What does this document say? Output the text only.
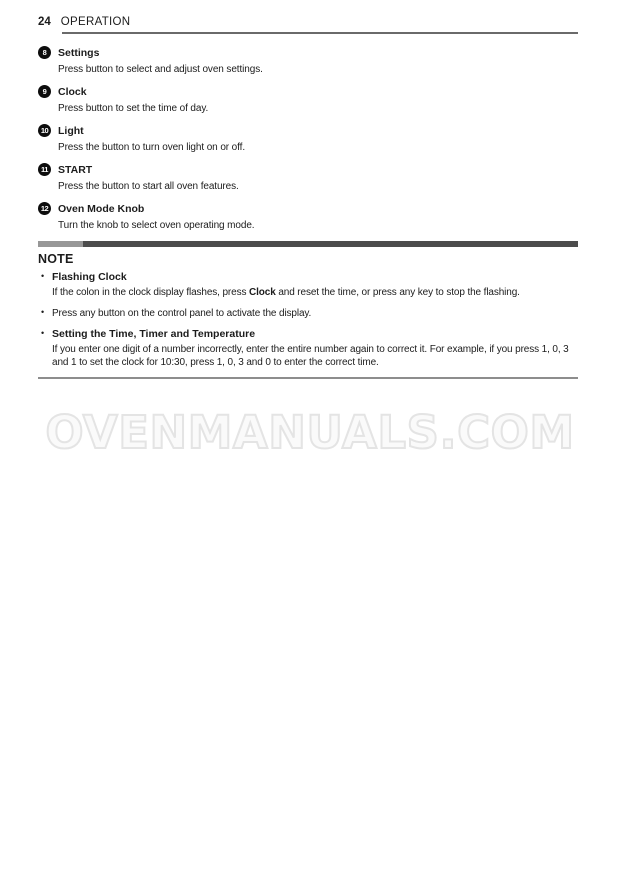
24 OPERATION
8	Settings
Press button to select and adjust oven settings.
9	Clock
Press button to set the time of day.
10 Light
Press the button to turn oven light on or off.
11 START
Press the button to start all oven features.
12 Oven Mode Knob
Turn the knob to select oven operating mode.
NOTE
• Flashing Clock
If the colon in the clock display flashes, press Clock and reset the time, or press any key to stop the flashing.
• Press any button on the control panel to activate the display.
• Setting the Time, Timer and Temperature
If you enter one digit of a number incorrectly, enter the entire number again to correct it. For example, if you press 1, 0, 3 and 1 to set the clock for 10:30, press 1, 0, 3 and 0 to enter the correct time.
OVENMANUALS.COM
